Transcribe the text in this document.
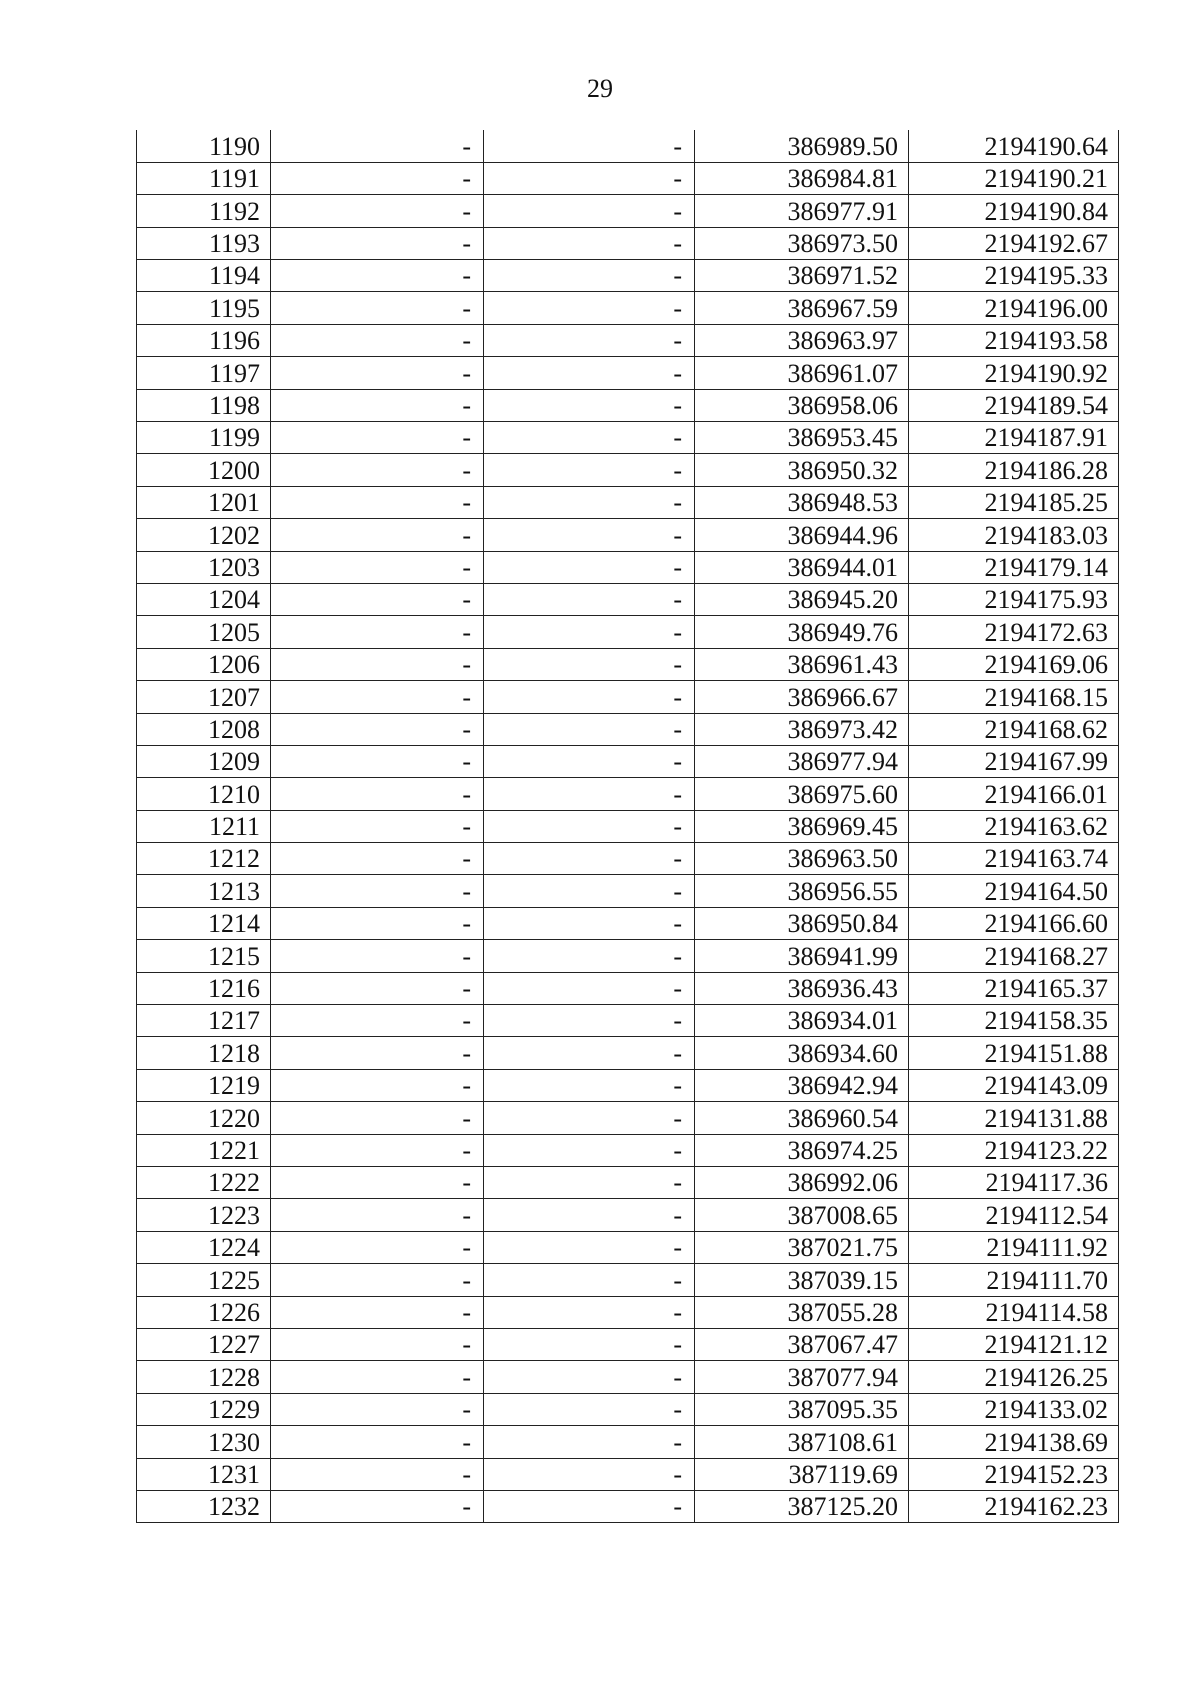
29
1190	-	-	386989.50	2194190.64
1191	-	-	386984.81	2194190.21
1192	-	-	386977.91	2194190.84
1193	-	-	386973.50	2194192.67
1194	-	-	386971.52	2194195.33
1195	-	-	386967.59	2194196.00
1196	-	-	386963.97	2194193.58
1197	-	-	386961.07	2194190.92
1198	-	-	386958.06	2194189.54
1199	-	-	386953.45	2194187.91
1200	-	-	386950.32	2194186.28
1201	-	-	386948.53	2194185.25
1202	-	-	386944.96	2194183.03
1203	-	-	386944.01	2194179.14
1204	-	-	386945.20	2194175.93
1205	-	-	386949.76	2194172.63
1206	-	-	386961.43	2194169.06
1207	-	-	386966.67	2194168.15
1208	-	-	386973.42	2194168.62
1209	-	-	386977.94	2194167.99
1210	-	-	386975.60	2194166.01
1211	-	-	386969.45	2194163.62
1212	-	-	386963.50	2194163.74
1213	-	-	386956.55	2194164.50
1214	-	-	386950.84	2194166.60
1215	-	-	386941.99	2194168.27
1216	-	-	386936.43	2194165.37
1217	-	-	386934.01	2194158.35
1218	-	-	386934.60	2194151.88
1219	-	-	386942.94	2194143.09
1220	-	-	386960.54	2194131.88
1221	-	-	386974.25	2194123.22
1222	-	-	386992.06	2194117.36
1223	-	-	387008.65	2194112.54
1224	-	-	387021.75	2194111.92
1225	-	-	387039.15	2194111.70
1226	-	-	387055.28	2194114.58
1227	-	-	387067.47	2194121.12
1228	-	-	387077.94	2194126.25
1229	-	-	387095.35	2194133.02
1230	-	-	387108.61	2194138.69
1231	-	-	387119.69	2194152.23
1232	-	-	387125.20	2194162.23
